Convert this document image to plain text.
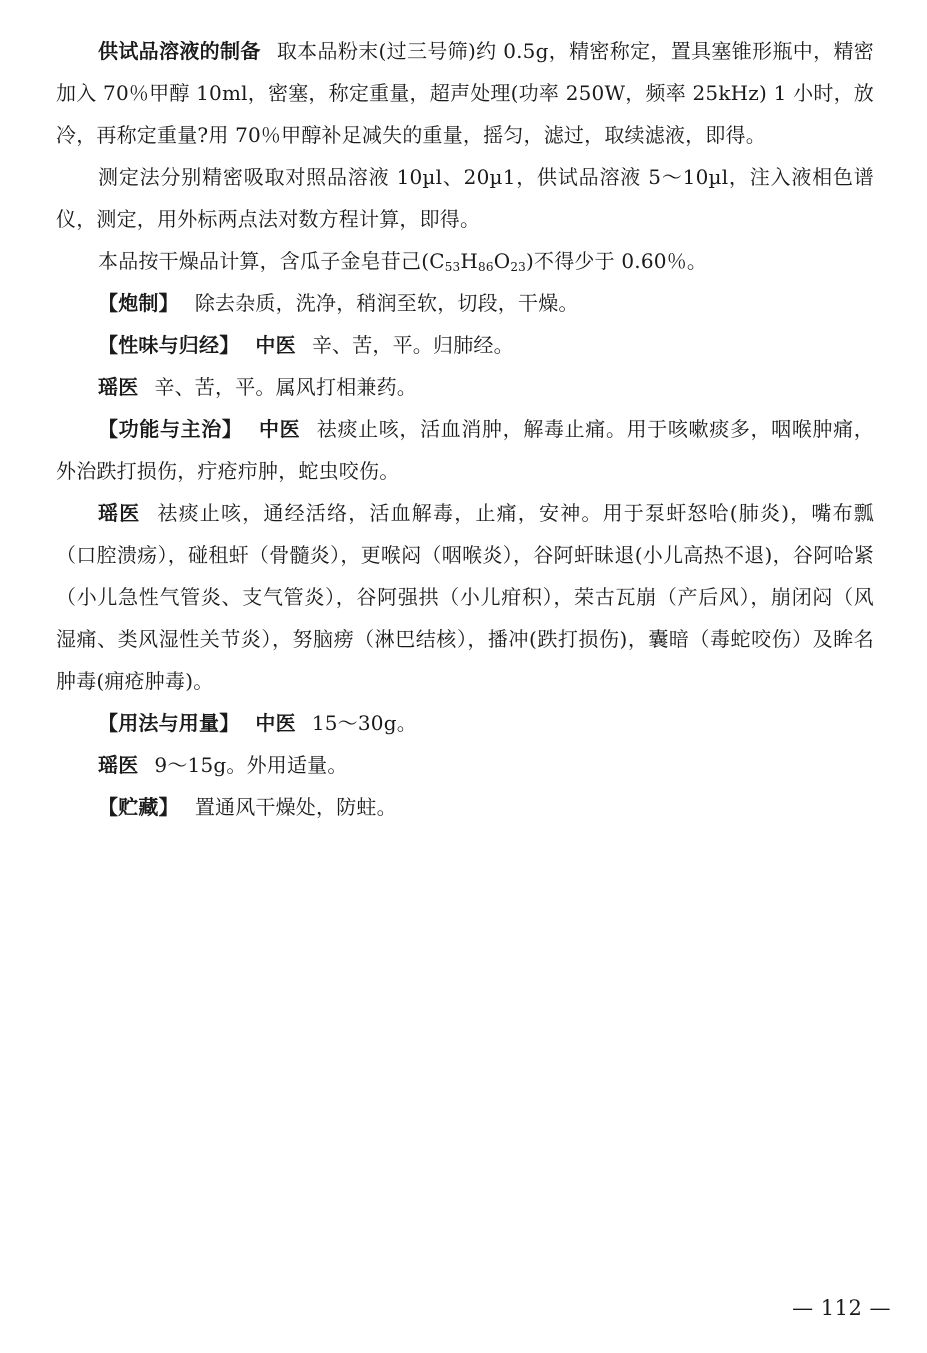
供试品溶液的制备 取本品粉末(过三号筛)约 0.5g，精密称定，置具塞锥形瓶中，精密加入 70％甲醇 10ml，密塞，称定重量，超声处理(功率 250W，频率 25kHz) 1 小时，放冷，再称定重量?用 70％甲醇补足减失的重量，摇匀，滤过，取续滤液，即得。

测定法分别精密吸取对照品溶液 10µl、20µ1，供试品溶液 5～10µl，注入液相色谱仪，测定，用外标两点法对数方程计算，即得。

本品按干燥品计算，含瓜子金皂苷己$(C_{53}H_{86}O_{23})$不得少于 0.60％。

【炮制】 除去杂质，洗净，稍润至软，切段，干燥。

【性味与归经】 中医 辛、苦，平。归肺经。

瑶医 辛、苦，平。属风打相兼药。

【功能与主治】 中医 祛痰止咳，活血消肿，解毒止痛。用于咳嗽痰多，咽喉肿痛，外治跌打损伤，疔疮疖肿，蛇虫咬伤。

瑶医 祛痰止咳，通经活络，活血解毒，止痛，安神。用于泵虷怒哈(肺炎)，嘴布瓢（口腔溃疡），碰租虷（骨髓炎），更喉闷（咽喉炎），谷阿虷昧退(小儿高热不退)，谷阿哈紧（小儿急性气管炎、支气管炎），谷阿强拱（小儿疳积），荣古瓦崩（产后风），崩闭闷（风湿痛、类风湿性关节炎），努脑痨（淋巴结核），播冲(跌打损伤)，囊暗（毒蛇咬伤）及眸名肿毒(痈疮肿毒)。

【用法与用量】 中医 15～30g。

瑶医 9～15g。外用适量。

【贮藏】 置通风干燥处，防蛀。

— 112 —
